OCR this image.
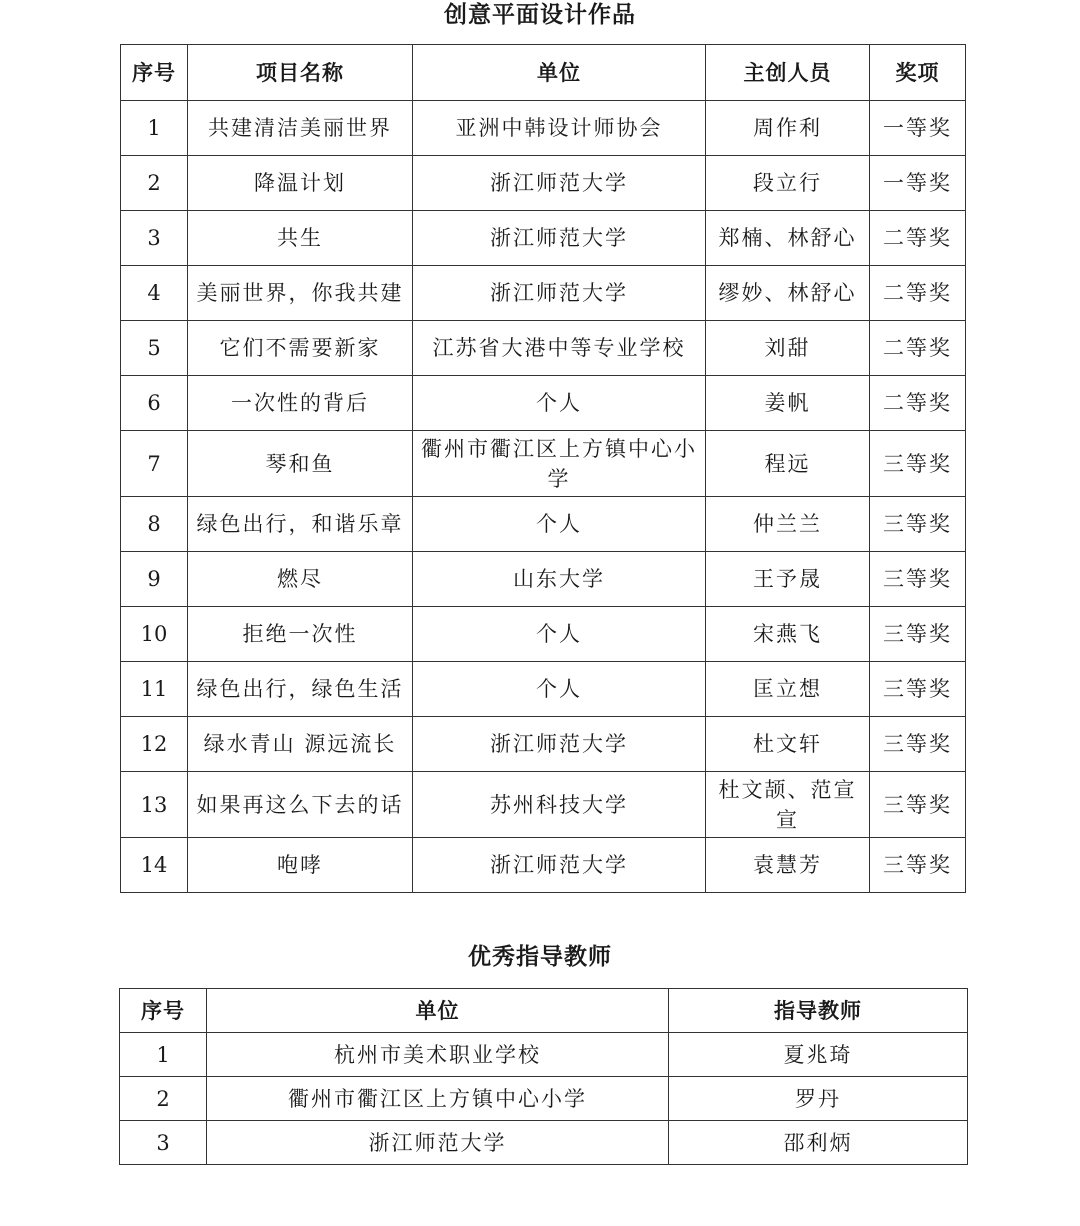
创意平面设计作品
序号	项目名称	单位	主创人员	奖项
1	共建清洁美丽世界	亚洲中韩设计师协会	周作利	一等奖
2	降温计划	浙江师范大学	段立行	一等奖
3	共生	浙江师范大学	郑楠、林舒心	二等奖
4	美丽世界，你我共建	浙江师范大学	缪妙、林舒心	二等奖
5	它们不需要新家	江苏省大港中等专业学校	刘甜	二等奖
6	一次性的背后	个人	姜帆	二等奖
7	琴和鱼	衢州市衢江区上方镇中心小学	程远	三等奖
8	绿色出行，和谐乐章	个人	仲兰兰	三等奖
9	燃尽	山东大学	王予晟	三等奖
10	拒绝一次性	个人	宋燕飞	三等奖
11	绿色出行，绿色生活	个人	匡立想	三等奖
12	绿水青山 源远流长	浙江师范大学	杜文轩	三等奖
13	如果再这么下去的话	苏州科技大学	杜文颉、范宣宣	三等奖
14	咆哮	浙江师范大学	袁慧芳	三等奖
优秀指导教师
序号	单位	指导教师
1	杭州市美术职业学校	夏兆琦
2	衢州市衢江区上方镇中心小学	罗丹
3	浙江师范大学	邵利炳
